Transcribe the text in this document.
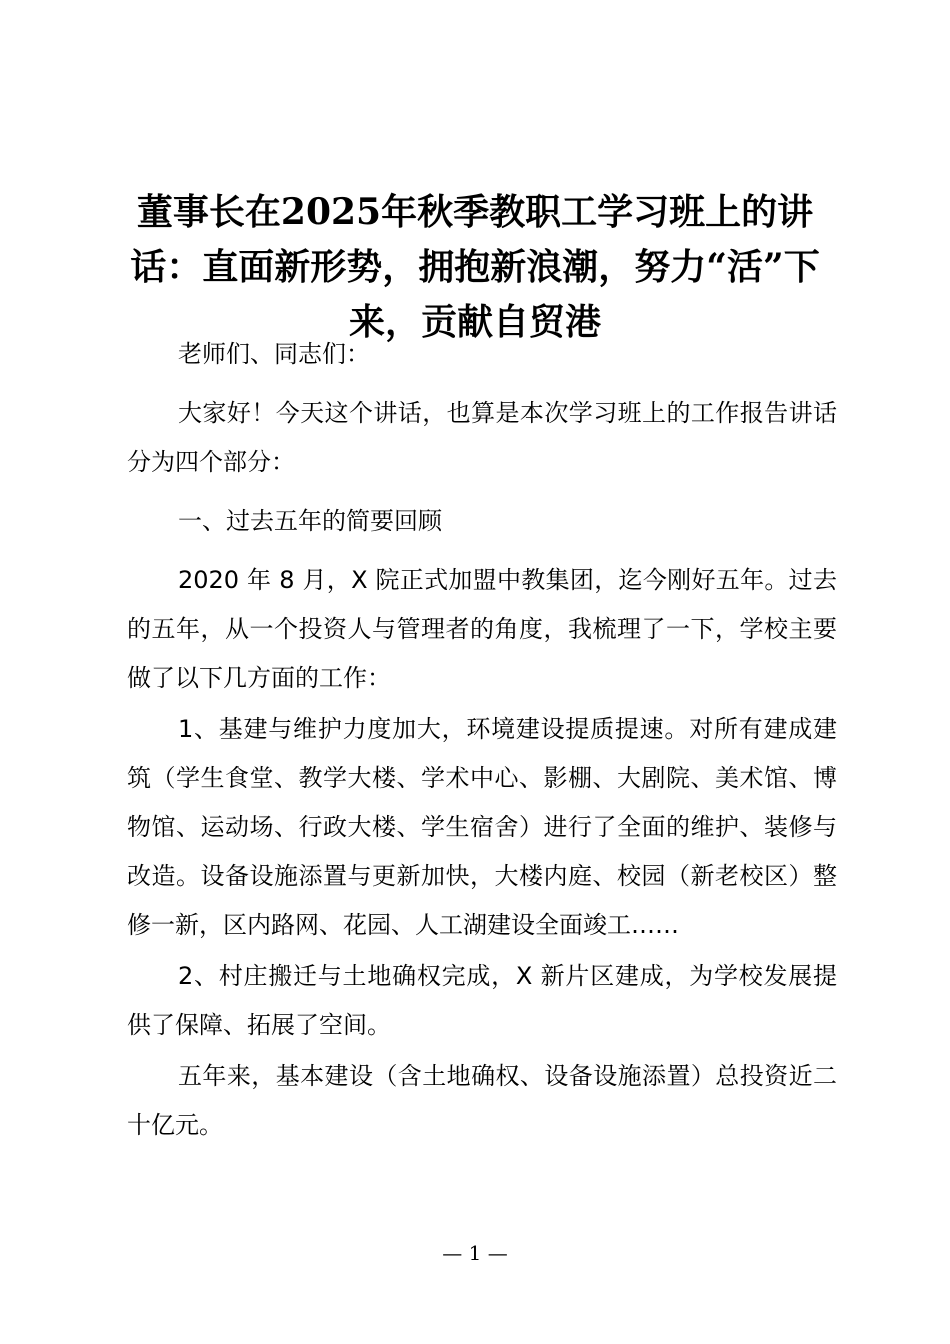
董事长在2025年秋季教职工学习班上的讲话：直面新形势，拥抱新浪潮，努力“活”下来，贡献自贸港

老师们、同志们：

大家好！今天这个讲话，也算是本次学习班上的工作报告讲话分为四个部分：

一、过去五年的简要回顾

2020 年 8 月，X 院正式加盟中教集团，迄今刚好五年。过去的五年，从一个投资人与管理者的角度，我梳理了一下，学校主要做了以下几方面的工作：

1、基建与维护力度加大，环境建设提质提速。对所有建成建筑（学生食堂、教学大楼、学术中心、影棚、大剧院、美术馆、博物馆、运动场、行政大楼、学生宿舍）进行了全面的维护、装修与改造。设备设施添置与更新加快，大楼内庭、校园（新老校区）整修一新，区内路网、花园、人工湖建设全面竣工……

2、村庄搬迁与土地确权完成，X 新片区建成，为学校发展提供了保障、拓展了空间。

五年来，基本建设（含土地确权、设备设施添置）总投资近二十亿元。

— 1 —
